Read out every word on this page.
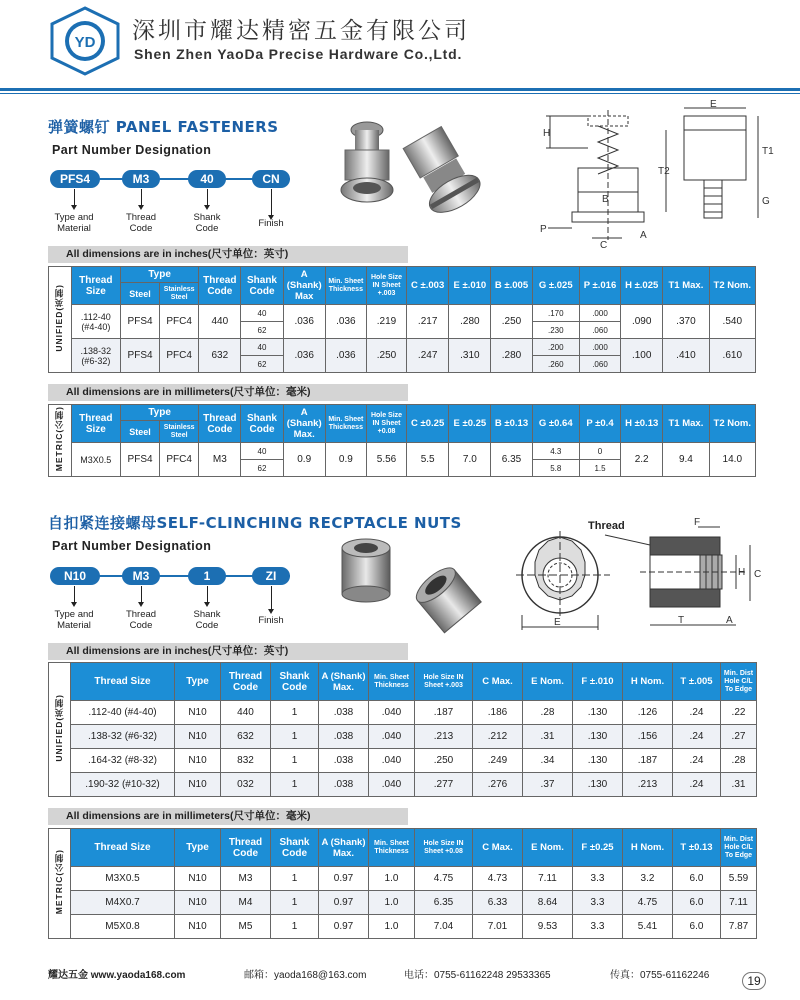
YD 深圳市耀达精密五金有限公司
Shen Zhen YaoDa Precise Hardware Co.,Ltd.
弹簧螺钉 PANEL FASTENERS
Part Number Designation
PFS4	M3	40	CN
Type and
Material
Thread
Code
Shank
Code	Finish
H
E
T2
T1
G
B
P
C
A
All dimensions are in inches(尺寸单位：英寸)
UNIFIED(英制)	Thread Size	Type		Thread Code	Shank Code	A (Shank) Max	Min. Sheet Thickness	Hole Size IN Sheet +.003	C ±.003	E ±.010	B ±.005	G ±.025	P ±.016	H ±.025	T1 Max.	T2 Nom.
		Steel	Stainless Steel													
	.112-40
(#4-40)	PFS4	PFC4	440	40	.036	.036	.219	.217	.280	.250	.170	.000	.090	.370	.540
					62							.230	.060			
	.138-32
(#6-32)	PFS4	PFC4	632	40	.036	.036	.250	.247	.310	.280	.200	.000	.100	.410	.610
					62							.260	.060			
All dimensions are in millimeters(尺寸单位：毫米)
METRIC(公制)	Thread Size	Type		Thread Code	Shank Code	A (Shank) Max.	Min. Sheet Thickness	Hole Size IN Sheet +0.08	C ±0.25	E ±0.25	B ±0.13	G ±0.64	P ±0.4	H ±0.13	T1 Max.	T2 Nom.
		Steel	Stainless Steel													
	M3X0.5	PFS4	PFC4	M3	40	0.9	0.9	5.56	5.5	7.0	6.35	4.3	0	2.2	9.4	14.0
					62							5.8	1.5			
自扣紧连接螺母SELF-CLINCHING RECPTACLE NUTS
Part Number Designation
N10	M3	1	ZI
Type and
Material
Thread
Code
Shank
Code	Finish
Thread	F
H C
E	T	A
All dimensions are in inches(尺寸单位：英寸)
UNIFIED(英制)	Thread Size	Type	Thread Code	Shank Code	A (Shank) Max.	Min. Sheet Thickness	Hole Size IN Sheet +.003	C Max.	E Nom.	F ±.010	H Nom.	T ±.005	Min. Dist Hole C/L To Edge
	.112-40 (#4-40)	N10	440	1	.038	.040	.187	.186	.28	.130	.126	.24	.22
	.138-32 (#6-32)	N10	632	1	.038	.040	.213	.212	.31	.130	.156	.24	.27
	.164-32 (#8-32)	N10	832	1	.038	.040	.250	.249	.34	.130	.187	.24	.28
	.190-32 (#10-32)	N10	032	1	.038	.040	.277	.276	.37	.130	.213	.24	.31
All dimensions are in millimeters(尺寸单位：毫米)
METRIC(公制)	Thread Size	Type	Thread Code	Shank Code	A (Shank) Max.	Min. Sheet Thickness	Hole Size IN Sheet +0.08	C Max.	E Nom.	F ±0.25	H Nom.	T ±0.13	Min. Dist Hole C/L To Edge
	M3X0.5	N10	M3	1	0.97	1.0	4.75	4.73	7.11	3.3	3.2	6.0	5.59
	M4X0.7	N10	M4	1	0.97	1.0	6.35	6.33	8.64	3.3	4.75	6.0	7.11
	M5X0.8	N10	M5	1	0.97	1.0	7.04	7.01	9.53	3.3	5.41	6.0	7.87
耀达五金 www.yaoda168.com	邮箱：yaoda168@163.com	电话：0755-61162248 29533365	传真：0755-61162246	19
